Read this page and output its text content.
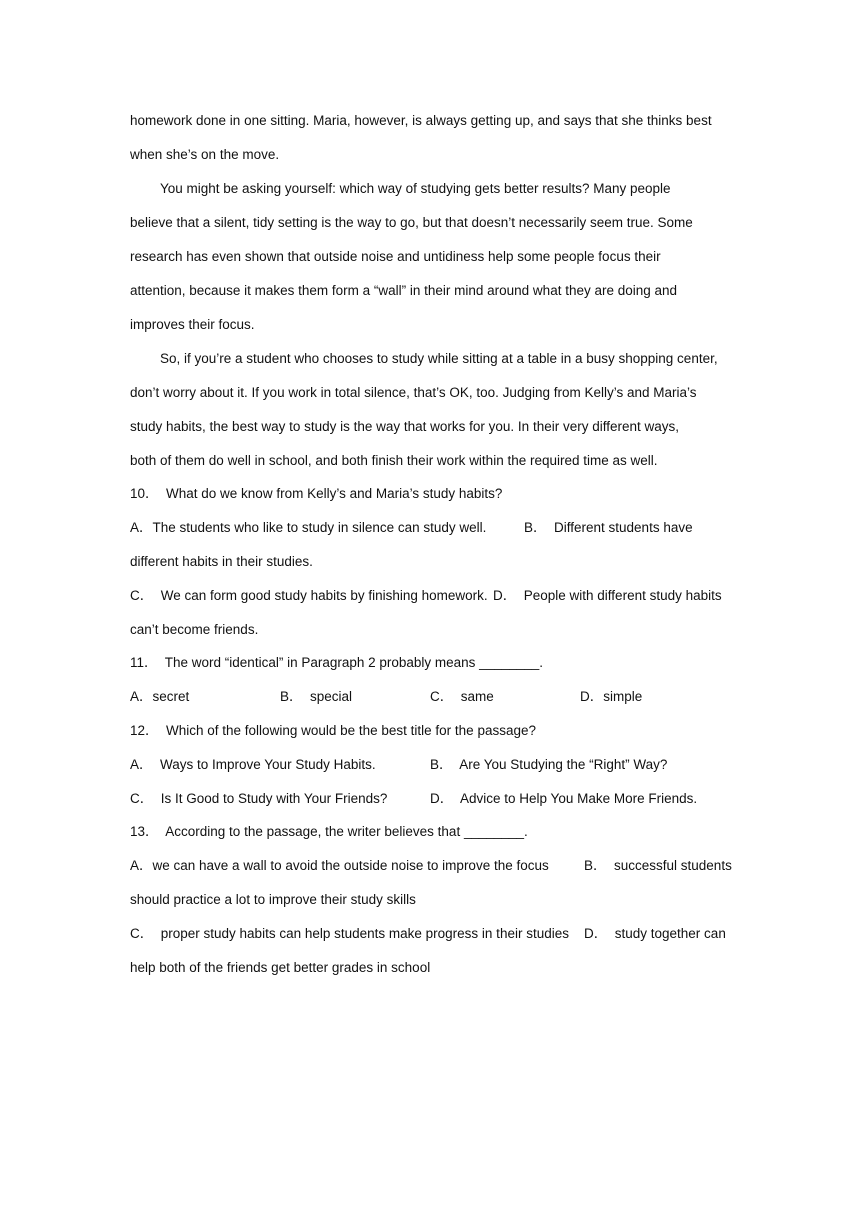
homework done in one sitting. Maria, however, is always getting up, and says that she thinks best
when she’s on the move.
You might be asking yourself: which way of studying gets better results? Many people
believe that a silent, tidy setting is the way to go, but that doesn’t necessarily seem true. Some
research has even shown that outside noise and untidiness help some people focus their
attention, because it makes them form a “wall” in their mind around what they are doing and
improves their focus.
So, if you’re a student who chooses to study while sitting at a table in a busy shopping center,
don’t worry about it. If you work in total silence, that’s OK, too. Judging from Kelly’s and Maria’s
study habits, the best way to study is the way that works for you. In their very different ways,
both of them do well in school, and both finish their work within the required time as well.
10．  What do we know from Kelly’s and Maria’s study habits?
A．The students who like to study in silence can study well.	B．  Different students have
different habits in their studies.
C．  We can form good study habits by finishing homework. D．  People with different study habits
can’t become friends.
11．  The word “identical” in Paragraph 2 probably means ________.
A．secret	B．  special	C．  same	D．simple
12．  Which of the following would be the best title for the passage?
A．  Ways to Improve Your Study Habits.	B．  Are You Studying the “Right” Way?
C．  Is It Good to Study with Your Friends?	D．  Advice to Help You Make More Friends.
13．  According to the passage, the writer believes that ________.
A．we can have a wall to avoid the outside noise to improve the focus	B．  successful students
should practice a lot to improve their study skills
C．  proper study habits can help students make progress in their studies D．  study together can
help both of the friends get better grades in school
